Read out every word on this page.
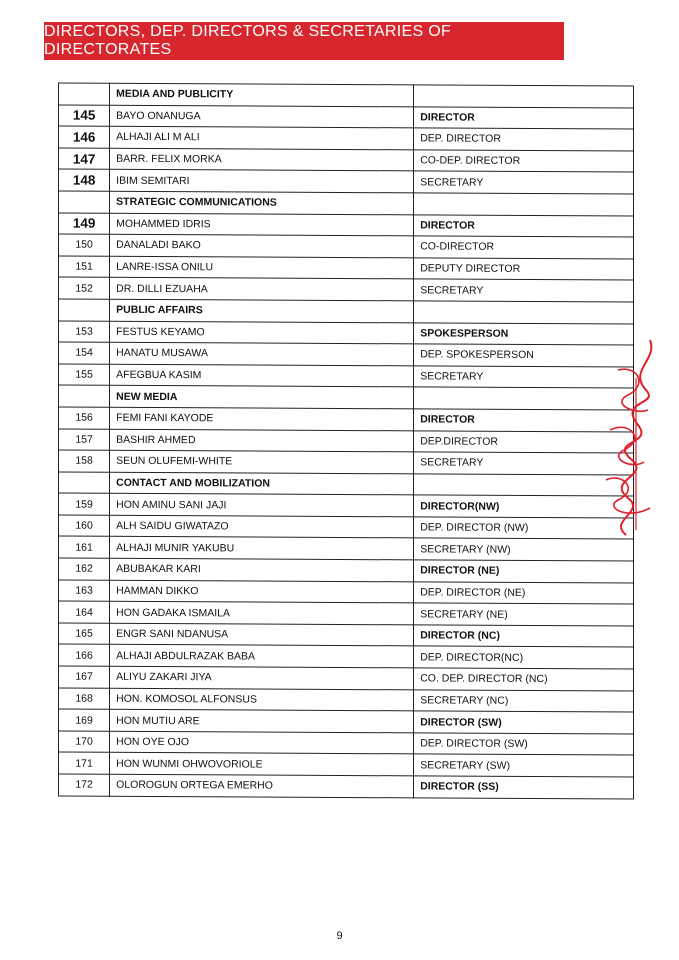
DIRECTORS, DEP. DIRECTORS & SECRETARIES OF DIRECTORATES
	MEDIA AND PUBLICITY	
145	BAYO ONANUGA	DIRECTOR
146	ALHAJI ALI M ALI	DEP. DIRECTOR
147	BARR. FELIX MORKA	CO-DEP. DIRECTOR
148	IBIM SEMITARI	SECRETARY
	STRATEGIC COMMUNICATIONS	
149	MOHAMMED IDRIS	DIRECTOR
150	DANALADI BAKO	CO-DIRECTOR
151	LANRE-ISSA ONILU	DEPUTY DIRECTOR
152	DR. DILLI EZUAHA	SECRETARY
	PUBLIC AFFAIRS	
153	FESTUS KEYAMO	SPOKESPERSON
154	HANATU MUSAWA	DEP. SPOKESPERSON
155	AFEGBUA KASIM	SECRETARY
	NEW MEDIA	
156	FEMI FANI KAYODE	DIRECTOR
157	BASHIR AHMED	DEP.DIRECTOR
158	SEUN OLUFEMI-WHITE	SECRETARY
	CONTACT AND MOBILIZATION	
159	HON AMINU SANI JAJI	DIRECTOR(NW)
160	ALH SAIDU GIWATAZO	DEP. DIRECTOR (NW)
161	ALHAJI MUNIR YAKUBU	SECRETARY (NW)
162	ABUBAKAR KARI	DIRECTOR (NE)
163	HAMMAN DIKKO	DEP. DIRECTOR (NE)
164	HON GADAKA ISMAILA	SECRETARY (NE)
165	ENGR SANI NDANUSA	DIRECTOR (NC)
166	ALHAJI ABDULRAZAK BABA	DEP. DIRECTOR(NC)
167	ALIYU ZAKARI JIYA	CO. DEP. DIRECTOR (NC)
168	HON. KOMOSOL ALFONSUS	SECRETARY (NC)
169	HON MUTIU ARE	DIRECTOR (SW)
170	HON OYE OJO	DEP. DIRECTOR (SW)
171	HON WUNMI OHWOVORIOLE	SECRETARY (SW)
172	OLOROGUN ORTEGA EMERHO	DIRECTOR (SS)
9
